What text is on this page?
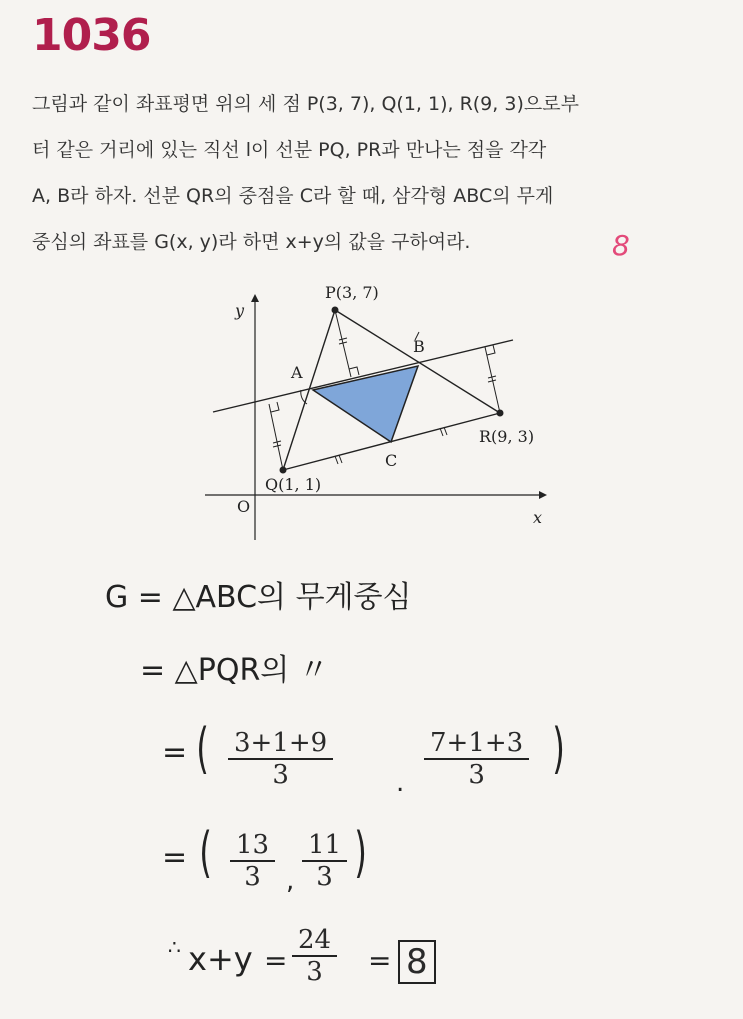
1036
그림과 같이 좌표평면 위의 세 점 P(3, 7), Q(1, 1), R(9, 3)으로부
터 같은 거리에 있는 직선 l이 선분 PQ, PR과 만나는 점을 각각
A, B라 하자. 선분 QR의 중점을 C라 할 때, 삼각형 ABC의 무게
중심의 좌표를 G(x, y)라 하면 x+y의 값을 구하여라.	8
P(3, 7)
Q(1, 1)
R(9, 3)
A
B
C
O
x
y
G = △ABC의 무게중심
= △PQR의 〃
= ( $\frac{3+1+9}{3}$ . $\frac{7+1+3}{3}$ )
= ( $\frac{13}{3}$ , $\frac{11}{3}$ )
∴ $x+y = \frac{24}{3} = 8$
